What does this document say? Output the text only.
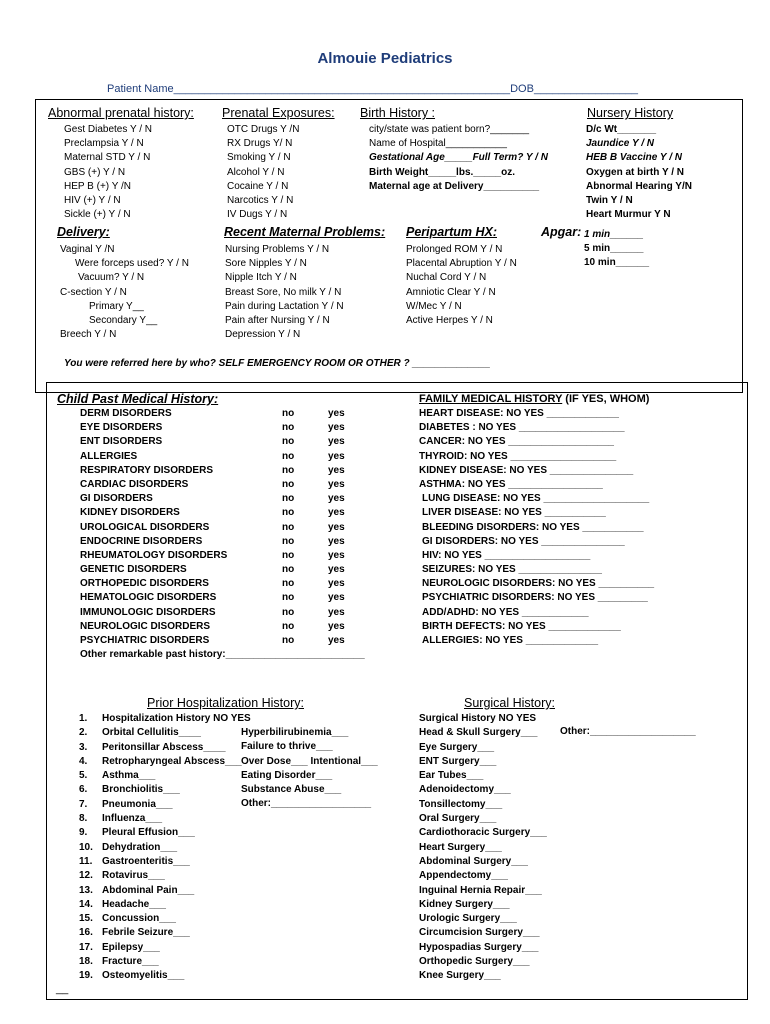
Almouie Pediatrics
Patient Name_______________________________________________________DOB_________________
Abnormal prenatal history:
Gest Diabetes Y / N
Preclampsia Y / N
Maternal STD Y / N
GBS (+) Y / N
HEP B (+) Y /N
HIV (+) Y / N
Sickle (+) Y / N
Prenatal Exposures:
OTC Drugs Y /N
RX Drugs Y/ N
Smoking Y / N
Alcohol Y / N
Cocaine Y / N
Narcotics Y / N
IV Dugs Y / N
Birth History :
city/state was patient born?_______
Name of Hospital___________
Gestational Age_____Full Term? Y / N
Birth Weight_____lbs._____oz.
Maternal age at Delivery__________
Nursery History
D/c Wt_______
Jaundice Y / N
HEB B Vaccine Y / N
Oxygen at birth Y / N
Abnormal Hearing Y/N
Twin Y / N
Heart Murmur Y N
Delivery:
Vaginal Y /N
Were forceps used? Y / N
Vacuum? Y / N
C-section Y / N
Primary Y__
Secondary Y__
Breech Y / N
Recent Maternal Problems:
Nursing Problems Y / N
Sore Nipples Y / N
Nipple Itch Y / N
Breast Sore, No milk Y / N
Pain during Lactation Y / N
Pain after Nursing Y / N
Depression Y / N
Peripartum HX:
Prolonged ROM Y / N
Placental Abruption Y / N
Nuchal Cord Y / N
Amniotic Clear Y / N
W/Mec Y / N
Active Herpes Y / N
Apgar: 1 min______
5 min______
10 min______
You were referred here by who? SELF EMERGENCY ROOM OR OTHER ? ______________
Child Past Medical History:
DERM DISORDERS
EYE DISORDERS
ENT DISORDERS
ALLERGIES
RESPIRATORY DISORDERS
CARDIAC DISORDERS
GI DISORDERS
KIDNEY DISORDERS
UROLOGICAL DISORDERS
ENDOCRINE DISORDERS
RHEUMATOLOGY DISORDERS
GENETIC DISORDERS
ORTHOPEDIC DISORDERS
HEMATOLOGIC DISORDERS
IMMUNOLOGIC DISORDERS
NEUROLOGIC DISORDERS
PSYCHIATRIC DISORDERS
Other remarkable past history:_________________________
no
no
no
no
no
no
no
no
no
no
no
no
no
no
no
no
no
yes
yes
yes
yes
yes
yes
yes
yes
yes
yes
yes
yes
yes
yes
yes
yes
yes
FAMILY MEDICAL HISTORY (IF YES, WHOM)
HEART DISEASE: NO YES _____________
DIABETES : NO YES ___________________
CANCER: NO YES ___________________
THYROID: NO YES ___________________
KIDNEY DISEASE: NO YES _______________
ASTHMA: NO YES _________________
LUNG DISEASE: NO YES ___________________
LIVER DISEASE: NO YES ___________
BLEEDING DISORDERS: NO YES ___________
GI DISORDERS: NO YES _______________
HIV: NO YES ___________________
SEIZURES: NO YES _______________
NEUROLOGIC DISORDERS: NO YES __________
PSYCHIATRIC DISORDERS: NO YES _________
ADD/ADHD: NO YES ____________
BIRTH DEFECTS: NO YES _____________
ALLERGIES: NO YES _____________
Prior Hospitalization History:
1.
2.
3.
4.
5.
6.
7.
8.
9.
10.
11.
12.
13.
14.
15.
16.
17.
18.
19.
Hospitalization History NO YES
Orbital Cellulitis____
Peritonsillar Abscess____
Retropharyngeal Abscess___
Asthma___
Bronchiolitis___
Pneumonia___
Influenza___
Pleural Effusion___
Dehydration___
Gastroenteritis___
Rotavirus___
Abdominal Pain___
Headache___
Concussion___
Febrile Seizure___
Epilepsy___
Fracture___
Osteomyelitis___
Hyperbilirubinemia___
Failure to thrive___
Over Dose___ Intentional___
Eating Disorder___
Substance Abuse___
Other:__________________
Surgical History:
Surgical History NO YES
Head & Skull Surgery___
Eye Surgery___
ENT Surgery___
Ear Tubes___
Adenoidectomy___
Tonsillectomy___
Oral Surgery___
Cardiothoracic Surgery___
Heart Surgery___
Abdominal Surgery___
Appendectomy___
Inguinal Hernia Repair___
Kidney Surgery___
Urologic Surgery___
Circumcision Surgery___
Hypospadias Surgery___
Orthopedic Surgery___
Knee Surgery___
Other:___________________
__
